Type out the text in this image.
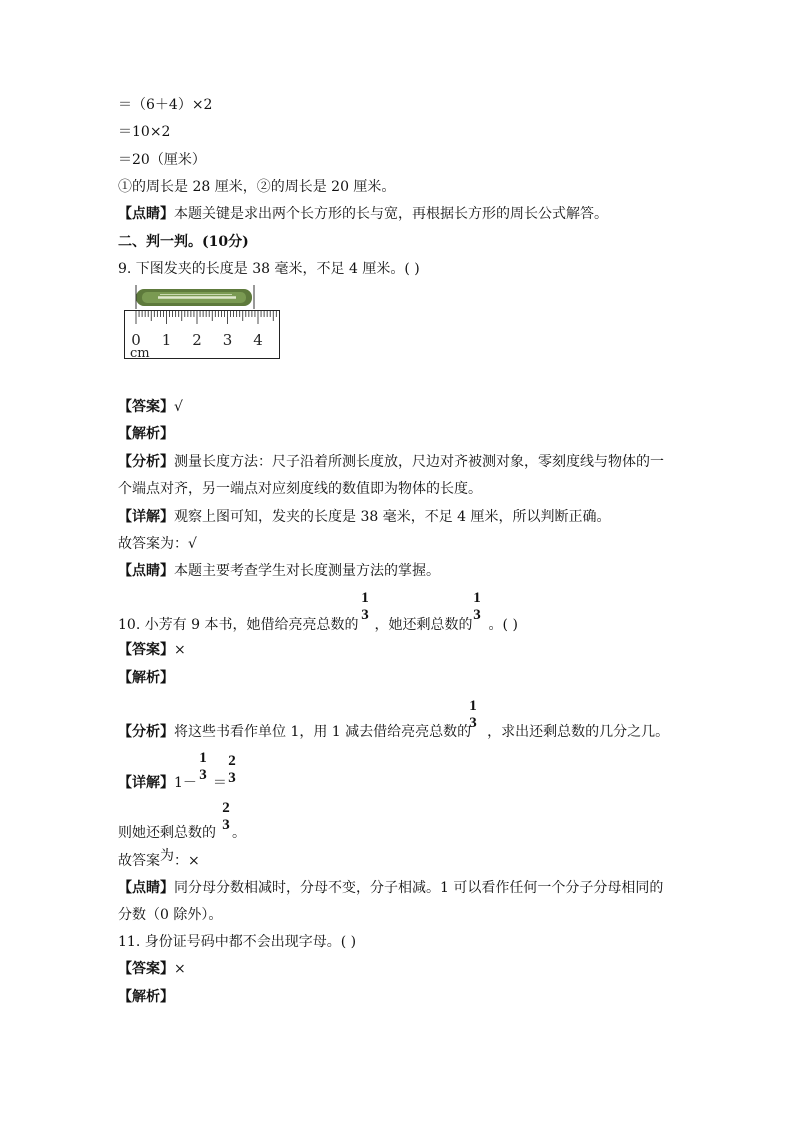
＝（6＋4）×2
＝10×2
＝20（厘米）
①的周长是 28 厘米，②的周长是 20 厘米。
【点睛】本题关键是求出两个长方形的长与宽，再根据长方形的周长公式解答。
二、判一判。(10分)
9. 下图发夹的长度是 38 毫米，不足 4 厘米。( )
0 1 2 3 4
cm
【答案】√
【解析】
【分析】测量长度方法：尺子沿着所测长度放，尺边对齐被测对象，零刻度线与物体的一
个端点对齐，另一端点对应刻度线的数值即为物体的长度。
【详解】观察上图可知，发夹的长度是 38 毫米，不足 4 厘米，所以判断正确。
故答案为：√
【点睛】本题主要考查学生对长度测量方法的掌握。
10. 小芳有 9 本书，她借给亮亮总数的 ，她还剩总数的 。( )
1
3
1
3
【答案】×
【解析】
【分析】将这些书看作单位 1，用 1 减去借给亮亮总数的 ，求出还剩总数的几分之几。
1
3
【详解】1－ ＝
1
3
2
3
则她还剩总数的 。
2
3
故答案为：×
【点睛】同分母分数相减时，分母不变，分子相减。1 可以看作任何一个分子分母相同的
分数（0 除外）。
11. 身份证号码中都不会出现字母。( )
【答案】×
【解析】
